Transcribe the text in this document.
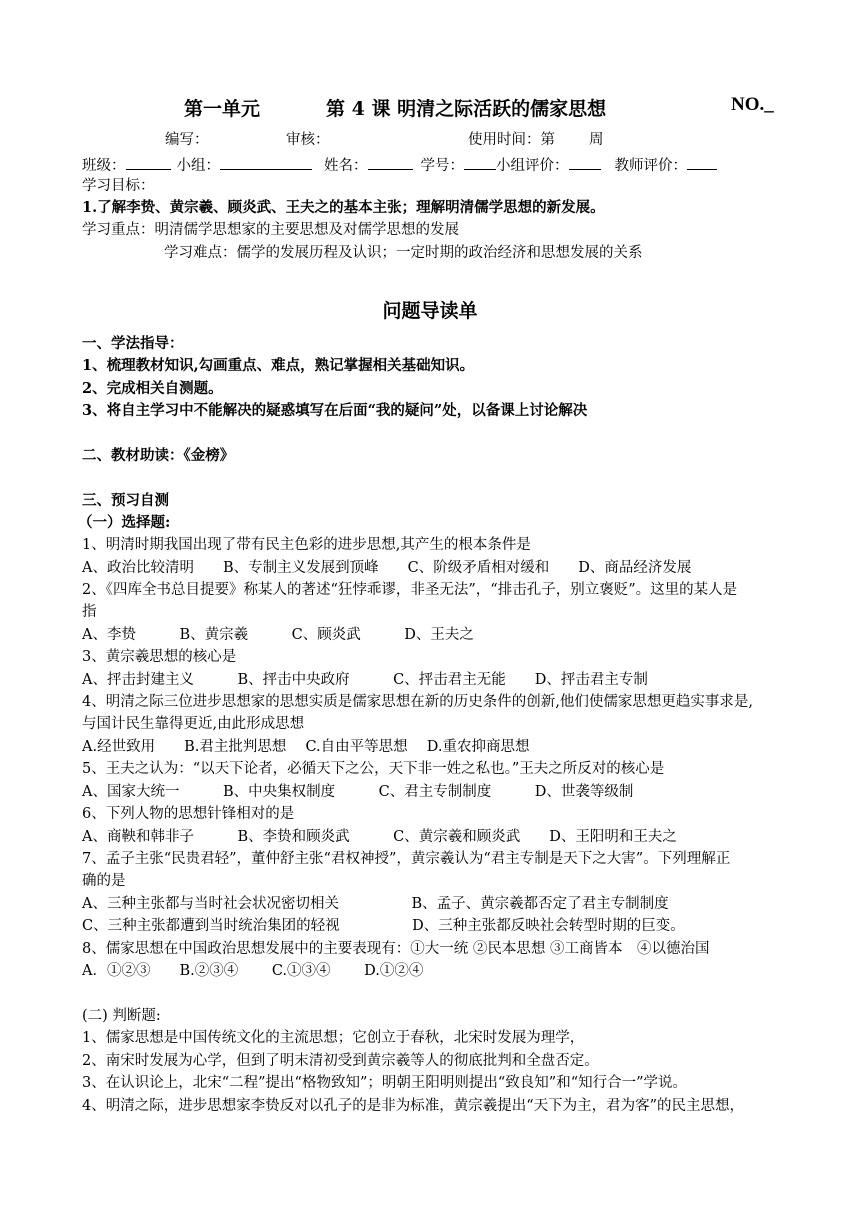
第一单元	第 4 课 明清之际活跃的儒家思想	NO._
编写：	审核：	使用时间：第 周
班级：	小组：	姓名：	学号： 小组评价：	教师评价：
学习目标：
1.了解李贽、黄宗羲、顾炎武、王夫之的基本主张；理解明清儒学思想的新发展。
学习重点：明清儒学思想家的主要思想及对儒学思想的发展
学习难点：儒学的发展历程及认识；一定时期的政治经济和思想发展的关系
问题导读单
一、学法指导：
1、梳理教材知识,勾画重点、难点，熟记掌握相关基础知识。
2、完成相关自测题。
3、将自主学习中不能解决的疑惑填写在后面“我的疑问”处，以备课上讨论解决
二、教材助读：《金榜》
三、预习自测
（一）选择题:
1、明清时期我国出现了带有民主色彩的进步思想,其产生的根本条件是
A、政治比较清明　　B、专制主义发展到顶峰　　C、阶级矛盾相对缓和　　D、商品经济发展
2、《四库全书总目提要》称某人的著述“狂悖乖谬，非圣无法”，“排击孔子，别立褒贬”。这里的某人是
指
A、李贽　　　B、黄宗羲　　　C、顾炎武　　　D、王夫之
3、黄宗羲思想的核心是
A、抨击封建主义　　　B、抨击中央政府　　　C、抨击君主无能　　D、抨击君主专制
4、明清之际三位进步思想家的思想实质是儒家思想在新的历史条件的创新,他们使儒家思想更趋实事求是,
与国计民生靠得更近,由此形成思想
A.经世致用　　B.君主批判思想　 C.自由平等思想　 D.重农抑商思想
5、王夫之认为：“以天下论者，必循天下之公，天下非一姓之私也。”王夫之所反对的核心是
A、国家大统一　　　B、中央集权制度　　　C、君主专制制度　　　D、世袭等级制
6、下列人物的思想针锋相对的是
A、商鞅和韩非子　　　B、李贽和顾炎武　　　C、黄宗羲和顾炎武　　D、王阳明和王夫之
7、孟子主张“民贵君轻”，董仲舒主张“君权神授”，黄宗羲认为“君主专制是天下之大害”。下列理解正
确的是
A、三种主张都与当时社会状况密切相关　　　　　B、孟子、黄宗羲都否定了君主专制制度
C、三种主张都遭到当时统治集团的轻视　　　　　D、三种主张都反映社会转型时期的巨变。
8、儒家思想在中国政治思想发展中的主要表现有：①大一统 ②民本思想 ③工商皆本　④以德治国
A．①②③　　B.②③④　　 C.①③④　　 D.①②④
(二) 判断题:
1、儒家思想是中国传统文化的主流思想；它创立于春秋，北宋时发展为理学，
2、南宋时发展为心学，但到了明末清初受到黄宗羲等人的彻底批判和全盘否定。
3、在认识论上，北宋“二程”提出“格物致知”；明朝王阳明则提出“致良知”和“知行合一”学说。
4、明清之际，进步思想家李贽反对以孔子的是非为标准，黄宗羲提出“天下为主，君为客”的民主思想，
